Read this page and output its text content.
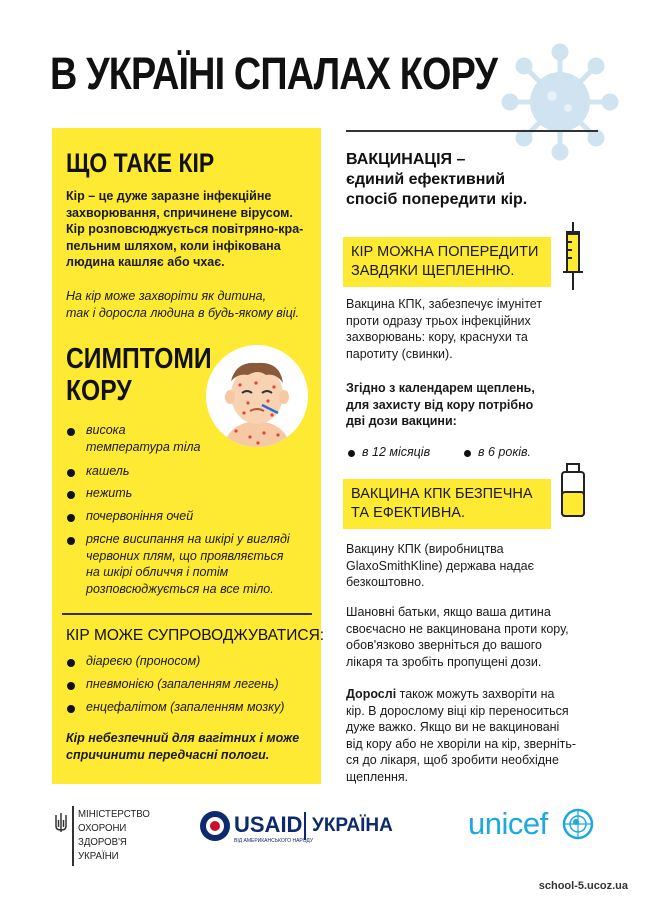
В УКРАЇНІ СПАЛАХ КОРУ
ЩО ТАКЕ КІР
Кір – це дуже заразне інфекційне
захворювання, спричинене вірусом.
Кір розповсюджується повітряно-кра-
пельним шляхом, коли інфікована
людина кашляє або чхає.
На кір може захворіти як дитина,
так і доросла людина в будь-якому віці.
СИМПТОМИ
КОРУ
висока
температура тіла
кашель
нежить
почервоніння очей
рясне висипання на шкірі у вигляді
червоних плям, що проявляється
на шкірі обличчя і потім
розповсюджується на все тіло.
КІР МОЖЕ СУПРОВОДЖУВАТИСЯ:
діареєю (проносом)
пневмонією (запаленням легень)
енцефалітом (запаленням мозку)
Кір небезпечний для вагітних і може
спричинити передчасні пологи.
ВАКЦИНАЦІЯ –
єдиний ефективний
спосіб попередити кір.
КІР МОЖНА ПОПЕРЕДИТИ
ЗАВДЯКИ ЩЕПЛЕННЮ.
Вакцина КПК, забезпечує імунітет
проти одразу трьох інфекційних
захворювань: кору, краснухи та
паротиту (свинки).
Згідно з календарем щеплень,
для захисту від кору потрібно
дві дози вакцини:
в 12 місяців	в 6 років.
ВАКЦИНА КПК БЕЗПЕЧНА
ТА ЕФЕКТИВНА.
Вакцину КПК (виробництва
GlaxoSmithKline) держава надає
безкоштовно.
Шановні батьки, якщо ваша дитина
своєчасно не вакцинована проти кору,
обов'язково зверніться до вашого
лікаря та зробіть пропущені дози.
Дорослі також можуть захворіти на
кір. В дорослому віці кір переноситься
дуже важко. Якщо ви не вакциновані
від кору або не хворіли на кір, зверніть-
ся до лікаря, щоб зробити необхідне
щеплення.
МІНІСТЕРСТВО
ОХОРОНИ
ЗДОРОВ'Я
УКРАЇНИ
USAID УКРАЇНА
ВІД АМЕРИКАНСЬКОГО НАРОДУ	unicef
school-5.ucoz.ua
